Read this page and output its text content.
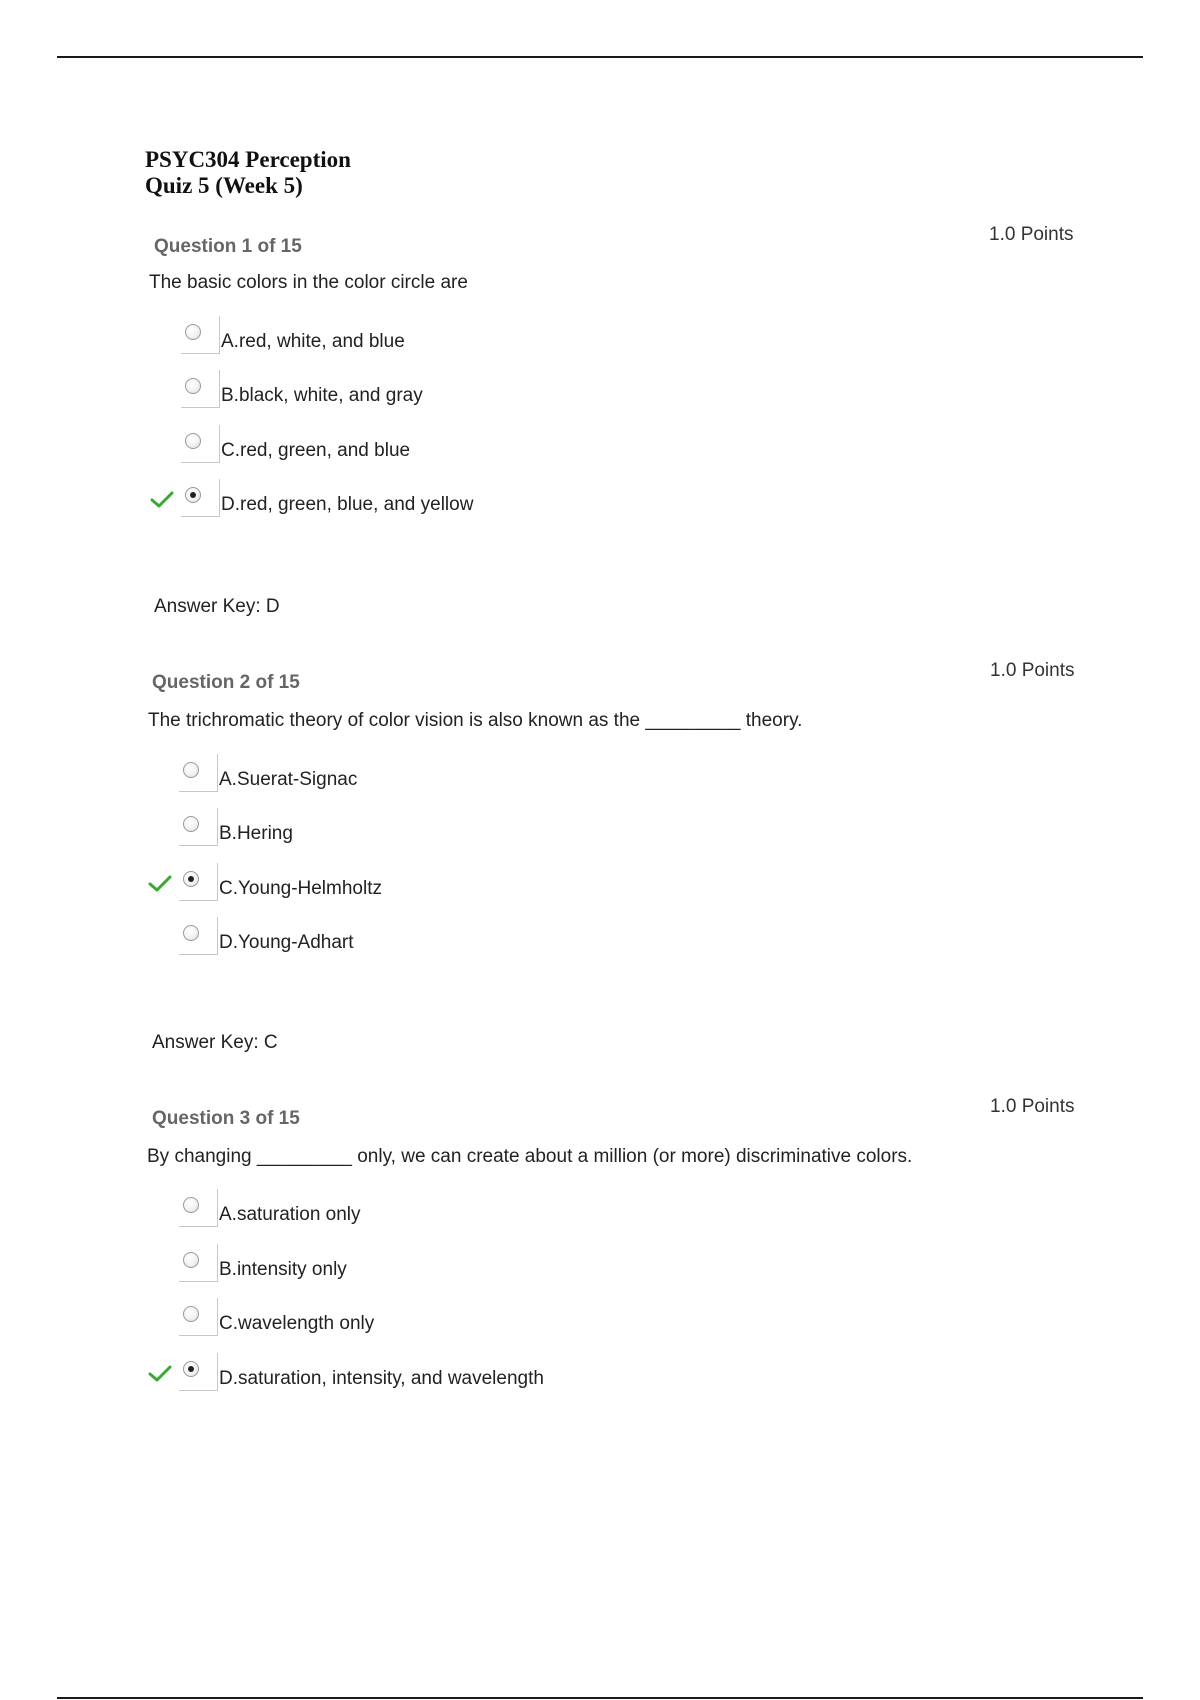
PSYC304 Perception
Quiz 5 (Week 5)
Question 1 of 15
1.0 Points
The basic colors in the color circle are
A.red, white, and blue
B.black, white, and gray
C.red, green, and blue
D.red, green, blue, and yellow
Answer Key: D
Question 2 of 15
1.0 Points
The trichromatic theory of color vision is also known as the _________ theory.
A.Suerat-Signac
B.Hering
C.Young-Helmholtz
D.Young-Adhart
Answer Key: C
Question 3 of 15
1.0 Points
By changing _________ only, we can create about a million (or more) discriminative colors.
A.saturation only
B.intensity only
C.wavelength only
D.saturation, intensity, and wavelength
